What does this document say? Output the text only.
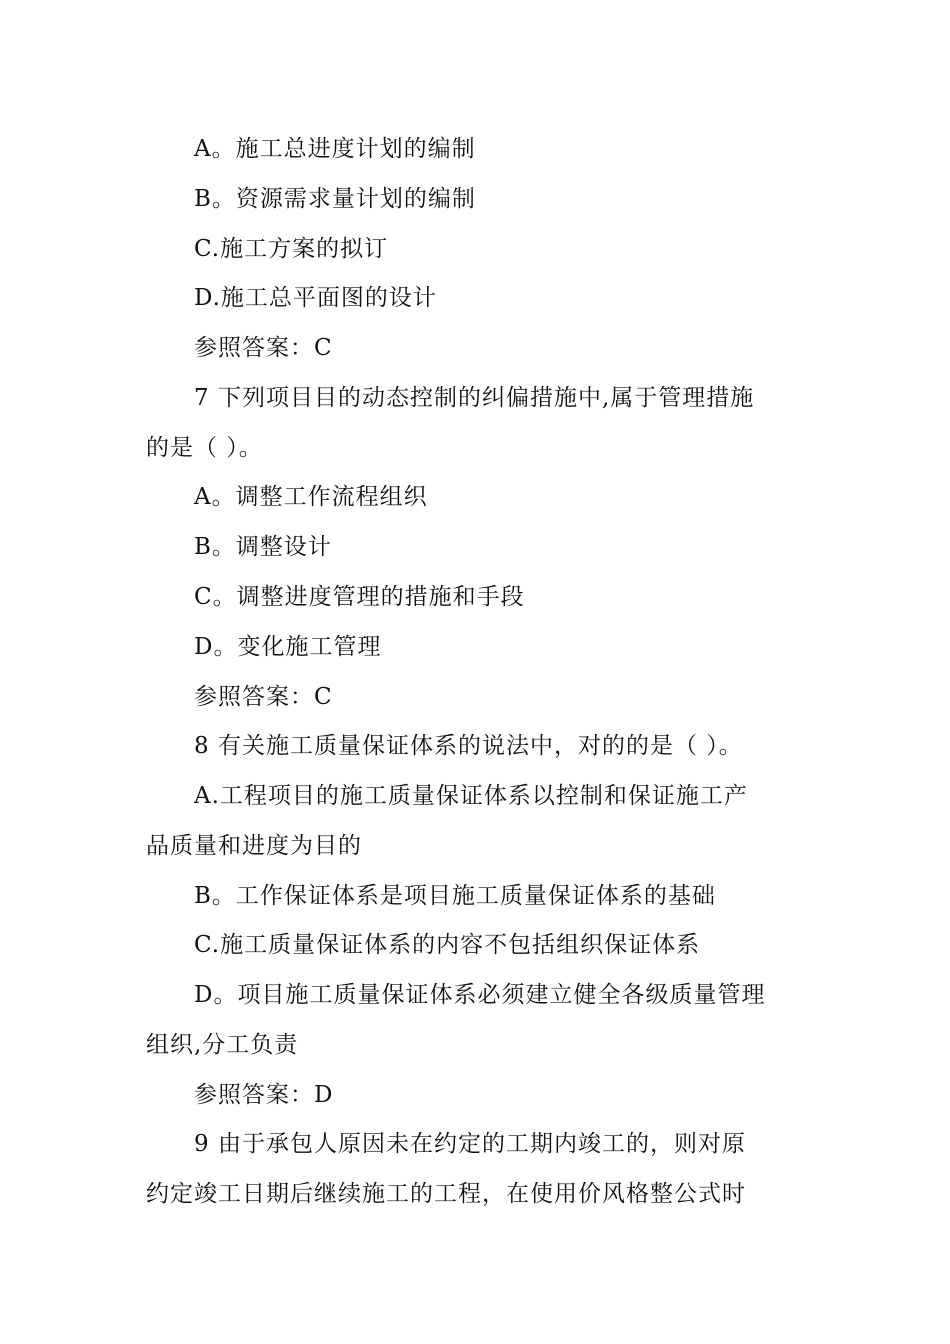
A。施工总进度计划的编制
B。资源需求量计划的编制
C.施工方案的拟订
D.施工总平面图的设计
参照答案：C
7 下列项目目的动态控制的纠偏措施中,属于管理措施
的是（ ）。
A。调整工作流程组织
B。调整设计
C。调整进度管理的措施和手段
D。变化施工管理
参照答案：C
8 有关施工质量保证体系的说法中，对的的是（ ）。
A.工程项目的施工质量保证体系以控制和保证施工产
品质量和进度为目的
B。工作保证体系是项目施工质量保证体系的基础
C.施工质量保证体系的内容不包括组织保证体系
D。项目施工质量保证体系必须建立健全各级质量管理
组织,分工负责
参照答案：D
9 由于承包人原因未在约定的工期内竣工的，则对原
约定竣工日期后继续施工的工程，在使用价风格整公式时
